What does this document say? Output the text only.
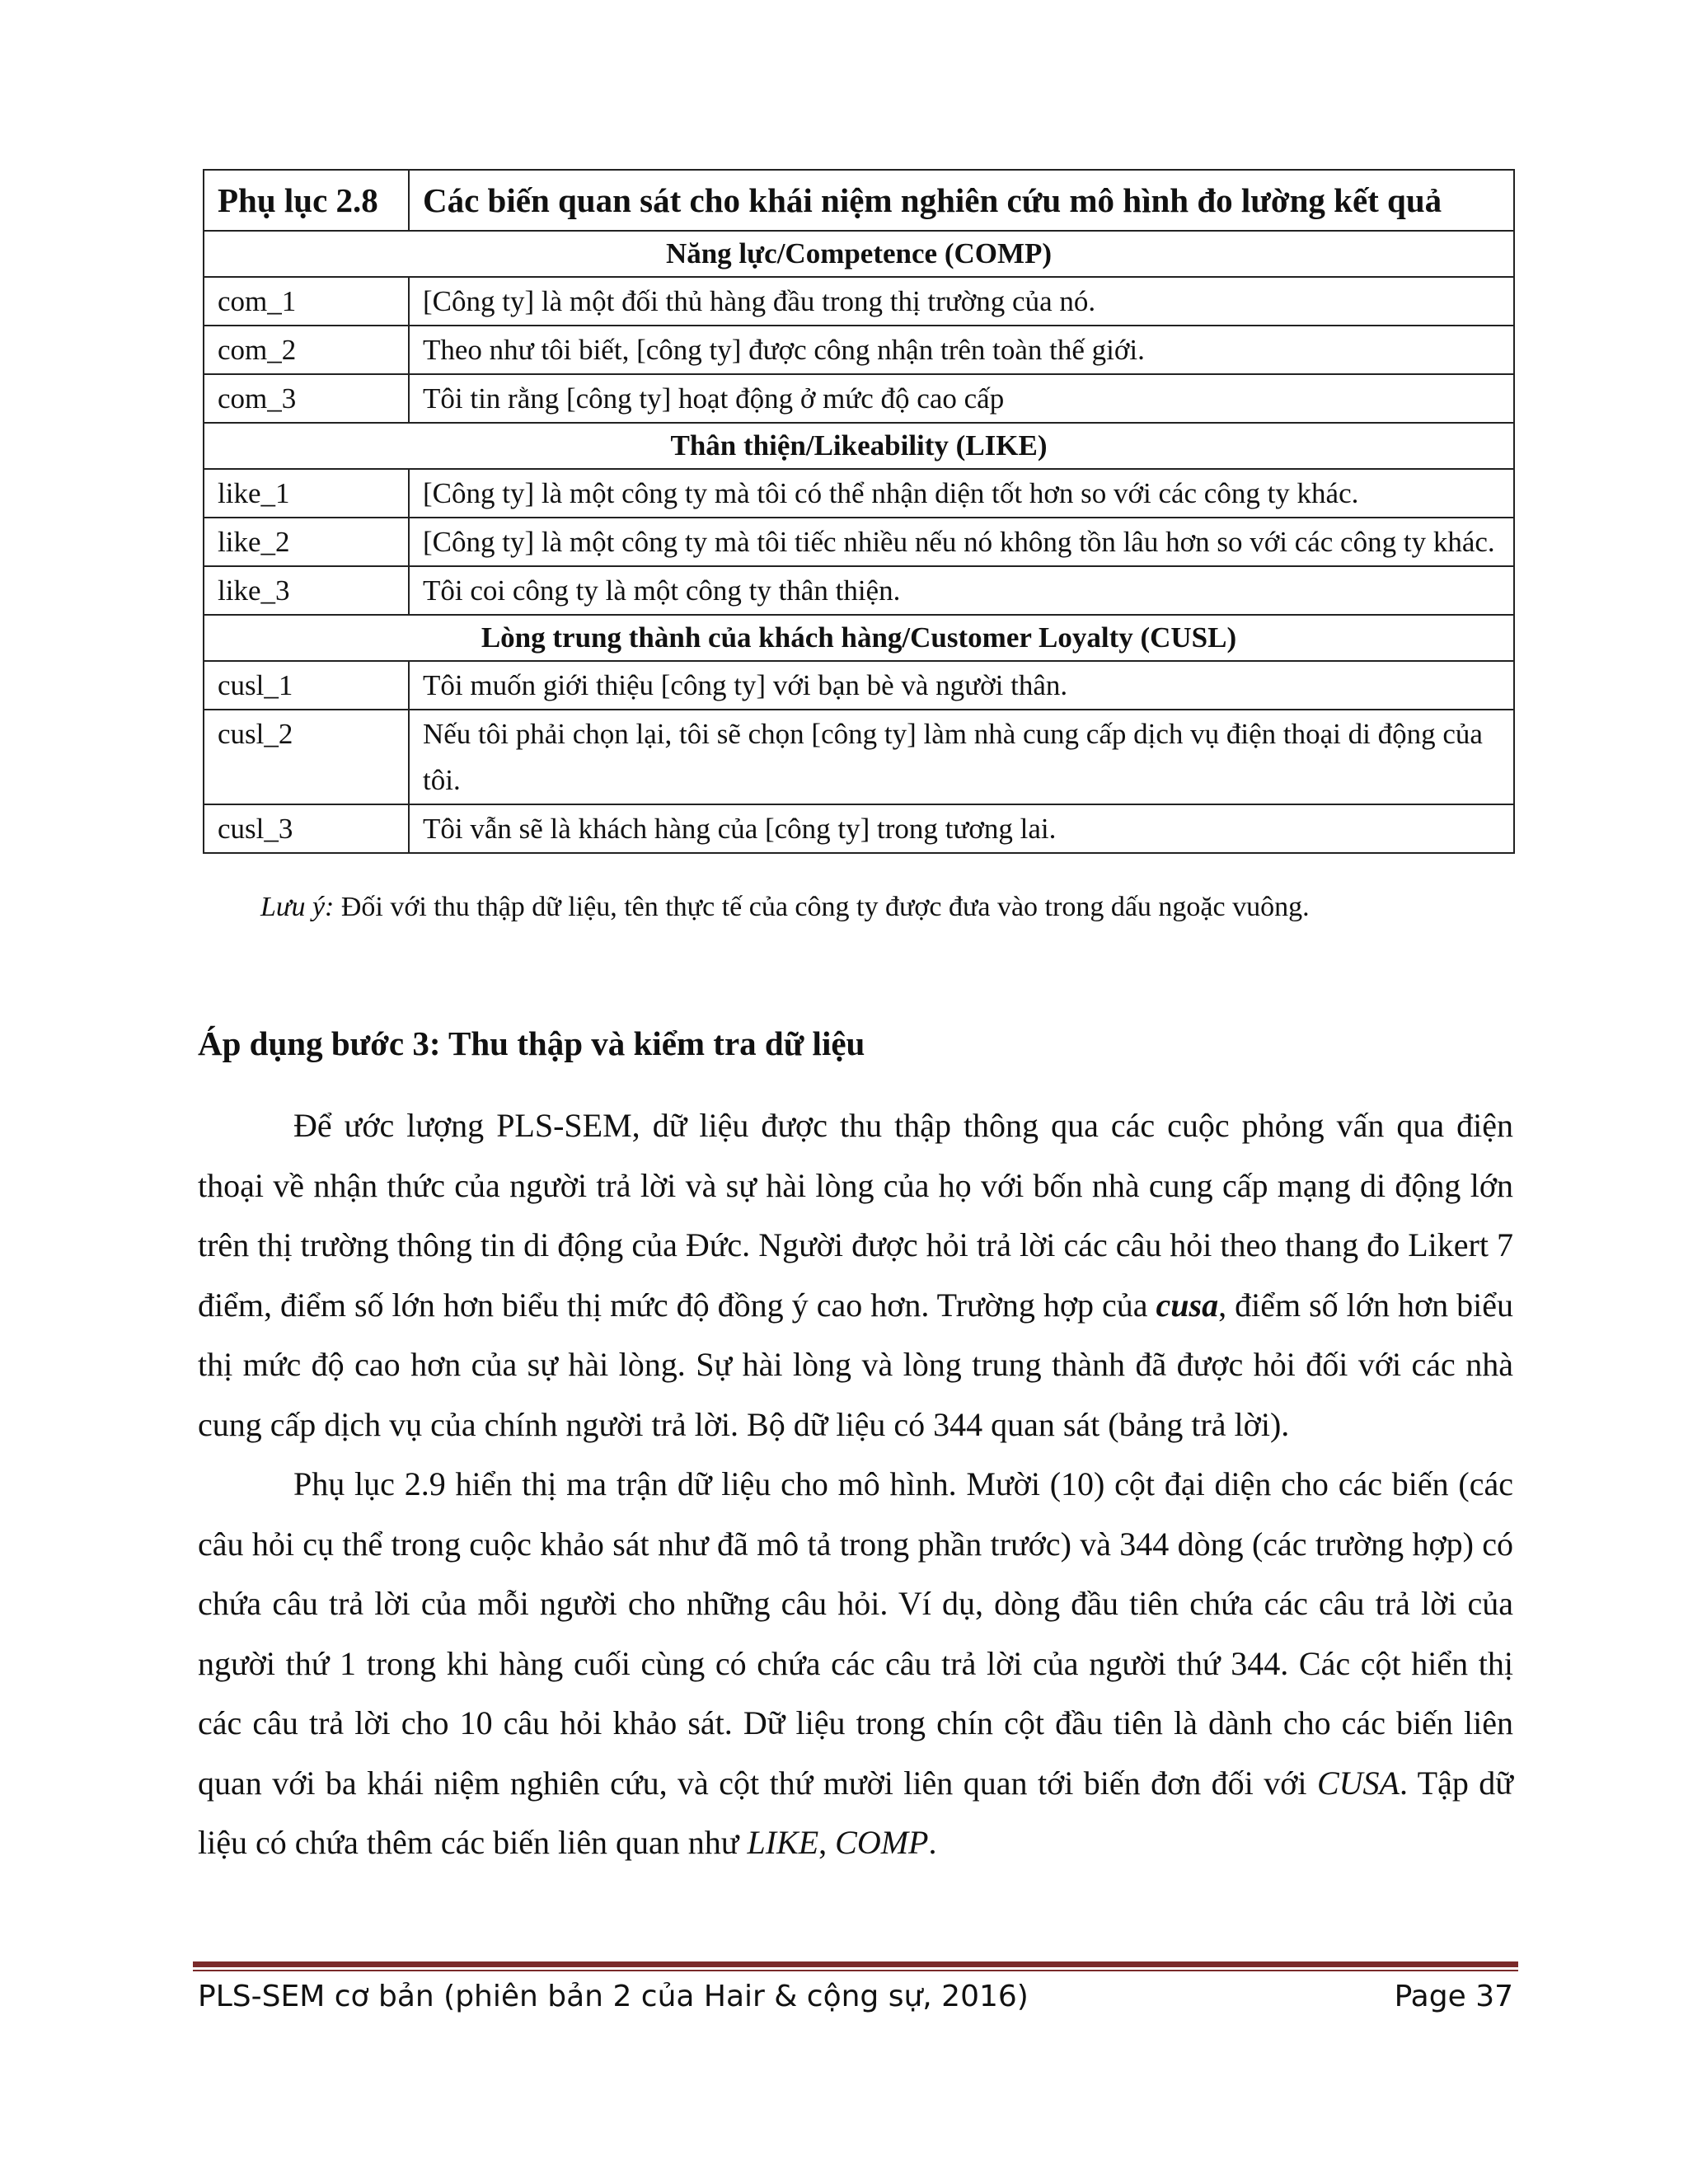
Phụ lục 2.8	Các biến quan sát cho khái niệm nghiên cứu mô hình đo lường kết quả
Năng lực/Competence (COMP)	
com_1	[Công ty] là một đối thủ hàng đầu trong thị trường của nó.
com_2	Theo như tôi biết, [công ty] được công nhận trên toàn thế giới.
com_3	Tôi tin rằng [công ty] hoạt động ở mức độ cao cấp
Thân thiện/Likeability (LIKE)	
like_1	[Công ty] là một công ty mà tôi có thể nhận diện tốt hơn so với các công ty khác.
like_2	[Công ty] là một công ty mà tôi tiếc nhiều nếu nó không tồn lâu hơn so với các công ty khác.
like_3	Tôi coi công ty là một công ty thân thiện.
Lòng trung thành của khách hàng/Customer Loyalty (CUSL)	
cusl_1	Tôi muốn giới thiệu [công ty] với bạn bè và người thân.
cusl_2	Nếu tôi phải chọn lại, tôi sẽ chọn [công ty] làm nhà cung cấp dịch vụ điện thoại di động của tôi.
cusl_3	Tôi vẫn sẽ là khách hàng của [công ty] trong tương lai.
Lưu ý: Đối với thu thập dữ liệu, tên thực tế của công ty được đưa vào trong dấu ngoặc vuông.
Áp dụng bước 3: Thu thập và kiểm tra dữ liệu

Để ước lượng PLS-SEM, dữ liệu được thu thập thông qua các cuộc phỏng vấn qua điện thoại về nhận thức của người trả lời và sự hài lòng của họ với bốn nhà cung cấp mạng di động lớn trên thị trường thông tin di động của Đức. Người được hỏi trả lời các câu hỏi theo thang đo Likert 7 điểm, điểm số lớn hơn biểu thị mức độ đồng ý cao hơn. Trường hợp của cusa, điểm số lớn hơn biểu thị mức độ cao hơn của sự hài lòng. Sự hài lòng và lòng trung thành đã được hỏi đối với các nhà cung cấp dịch vụ của chính người trả lời. Bộ dữ liệu có 344 quan sát (bảng trả lời).

Phụ lục 2.9 hiển thị ma trận dữ liệu cho mô hình. Mười (10) cột đại diện cho các biến (các câu hỏi cụ thể trong cuộc khảo sát như đã mô tả trong phần trước) và 344 dòng (các trường hợp) có chứa câu trả lời của mỗi người cho những câu hỏi. Ví dụ, dòng đầu tiên chứa các câu trả lời của người thứ 1 trong khi hàng cuối cùng có chứa các câu trả lời của người thứ 344. Các cột hiển thị các câu trả lời cho 10 câu hỏi khảo sát. Dữ liệu trong chín cột đầu tiên là dành cho các biến liên quan với ba khái niệm nghiên cứu, và cột thứ mười liên quan tới biến đơn đối với CUSA. Tập dữ liệu có chứa thêm các biến liên quan như LIKE, COMP.

PLS-SEM cơ bản (phiên bản 2 của Hair & cộng sự, 2016)	Page 37
